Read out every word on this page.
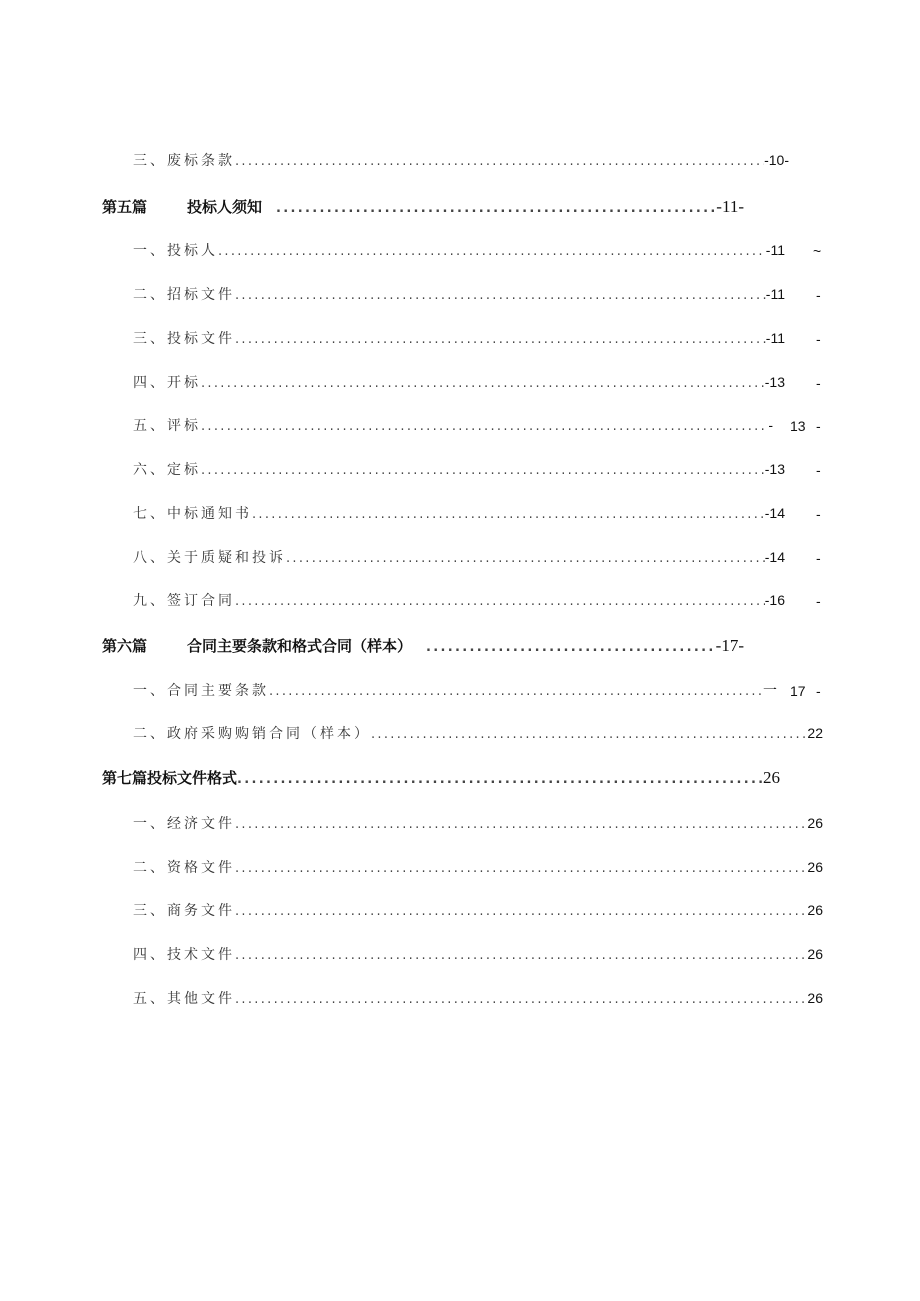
三、废标条款 .....	-10-
第五篇	投标人须知 .....	-11-
一、投标人 .....	-11 ~
二、招标文件 .....	-11 -
三、投标文件 .....	-11 -
四、开标 .....	-13 -
五、评标 .....	- 13 -
六、定标 .....	-13 -
七、中标通知书 .....	-14 -
八、关于质疑和投诉 .....	-14 -
九、签订合同 .....	-16 -
第六篇	合同主要条款和格式合同（样本） .....	-17-
一、合同主要条款 .....	一 17 -
二、政府采购购销合同（样本） .....	22
第七篇投标文件格式 .....	26
一、经济文件 .....	26
二、资格文件 .....	26
三、商务文件 .....	26
四、技术文件 .....	26
五、其他文件 .....	26
